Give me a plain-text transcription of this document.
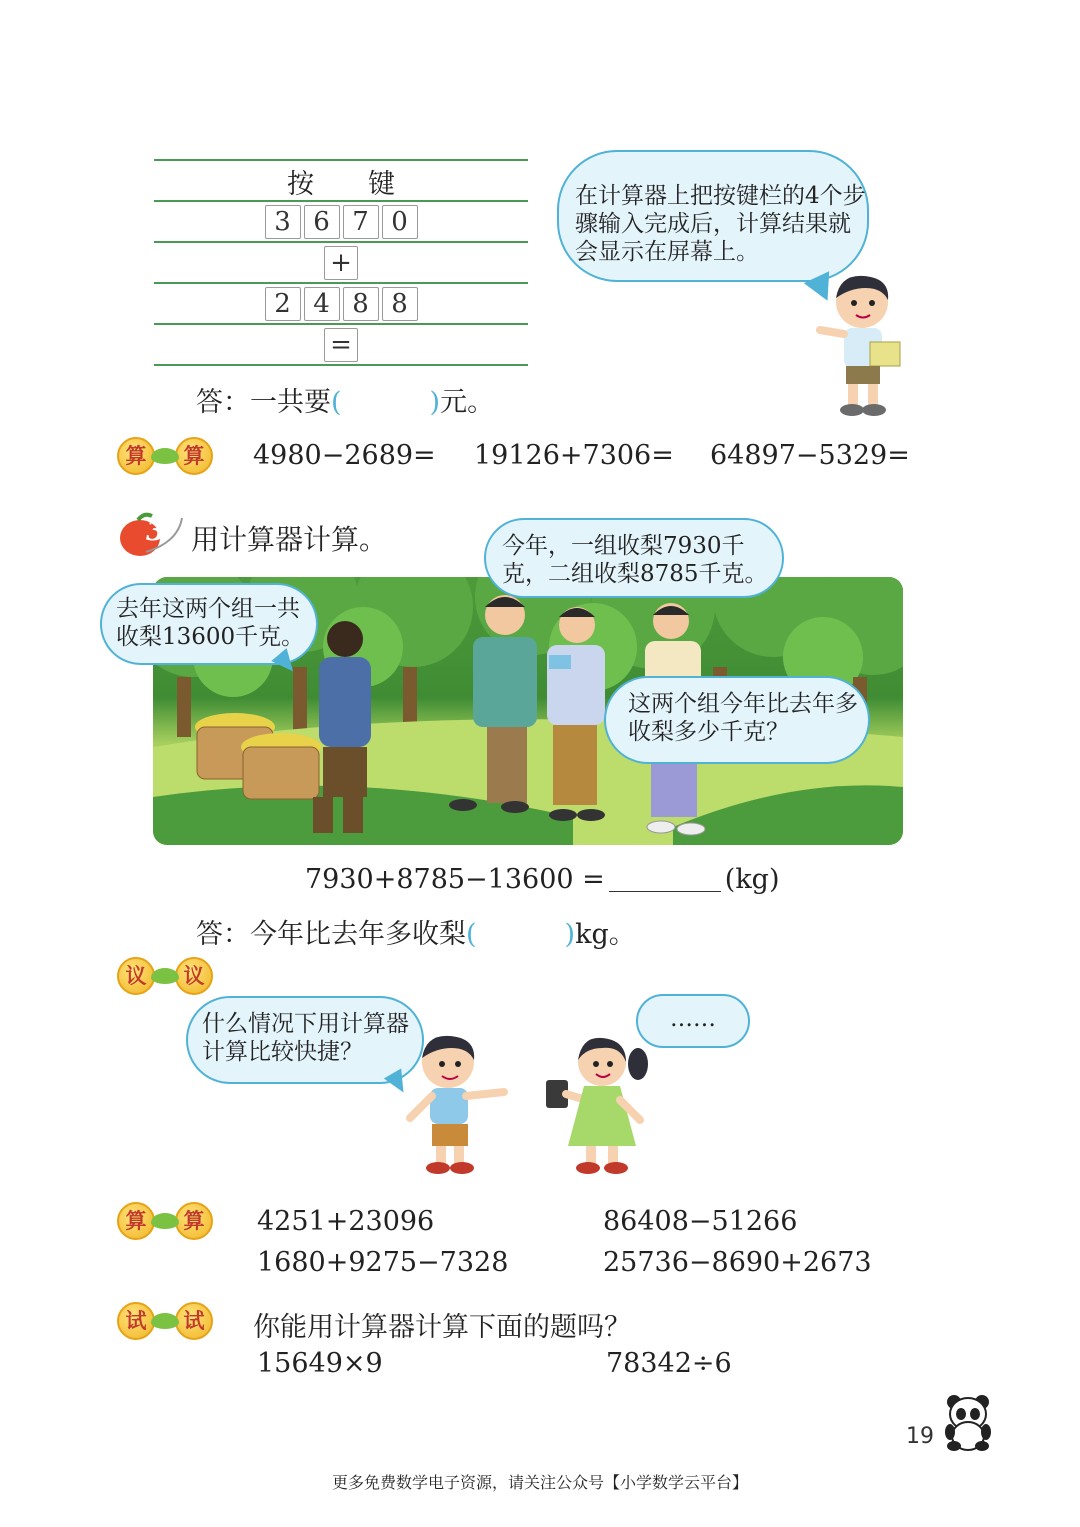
按　　键
3 6 7 0
+
2 4 8 8
=
在计算器上把按键栏的4个步骤输入完成后，计算结果就会显示在屏幕上。
答：一共要(	)元。
算	算	4980−2689= 19126+7306= 64897−5329=
3 用计算器计算。	今年，一组收梨7930千克，二组收梨8785千克。
去年这两个组一共收梨13600千克。
这两个组今年比去年多收梨多少千克？
7930+8785−13600 =	(kg)
答：今年比去年多收梨(	)kg。
议	议
什么情况下用计算器计算比较快捷？
……
算	算	4251+23096	86408−51266
1680+9275−7328	25736−8690+2673
试	试	你能用计算器计算下面的题吗？
15649×9	78342÷6
19
更多免费数学电子资源，请关注公众号【小学数学云平台】
